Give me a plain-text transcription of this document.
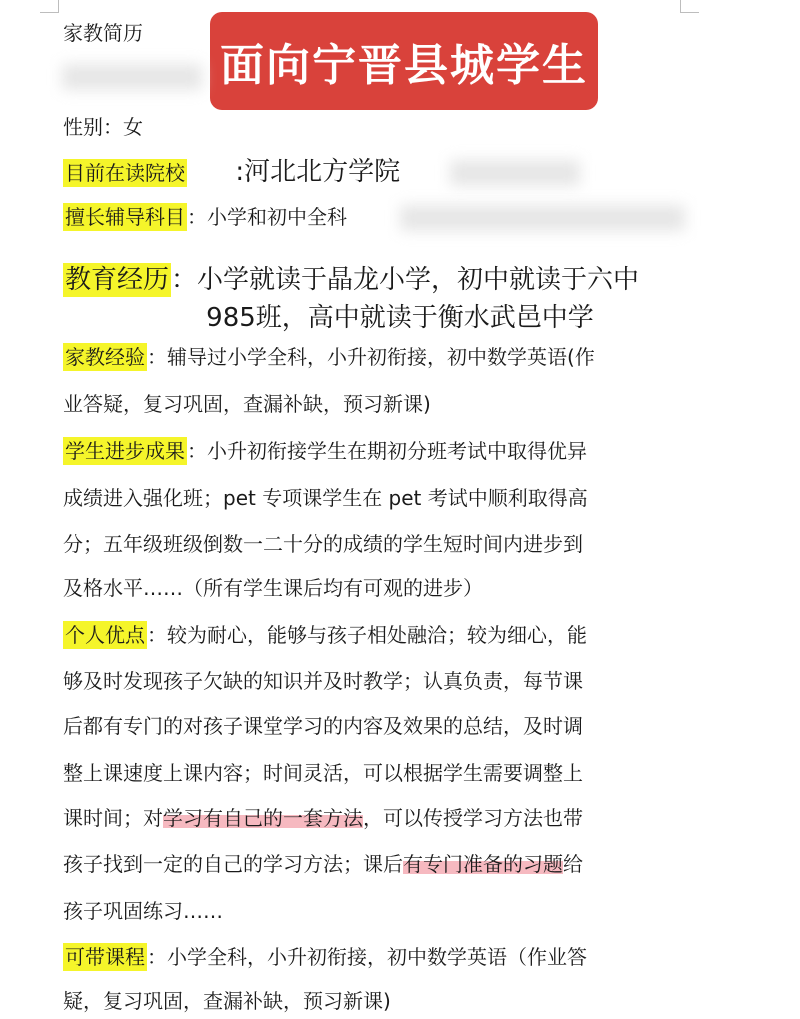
家教简历
面向宁晋县城学生
性别：女
目前在读院校 :河北北方学院
擅长辅导科目 ：小学和初中全科
教育经历：小学就读于晶龙小学，初中就读于六中
985班，高中就读于衡水武邑中学
家教经验 ：辅导过小学全科，小升初衔接，初中数学英语(作
业答疑，复习巩固，查漏补缺，预习新课)
学生进步成果 ：小升初衔接学生在期初分班考试中取得优异
成绩进入强化班；pet 专项课学生在 pet 考试中顺利取得高
分；五年级班级倒数一二十分的成绩的学生短时间内进步到
及格水平……（所有学生课后均有可观的进步）
个人优点 ：较为耐心，能够与孩子相处融洽；较为细心，能
够及时发现孩子欠缺的知识并及时教学；认真负责，每节课
后都有专门的对孩子课堂学习的内容及效果的总结，及时调
整上课速度上课内容；时间灵活，可以根据学生需要调整上
课时间；对学习有自己的一套方法，可以传授学习方法也带
孩子找到一定的自己的学习方法；课后有专门准备的习题给
孩子巩固练习……
可带课程 ：小学全科，小升初衔接，初中数学英语（作业答
疑，复习巩固，查漏补缺，预习新课)
